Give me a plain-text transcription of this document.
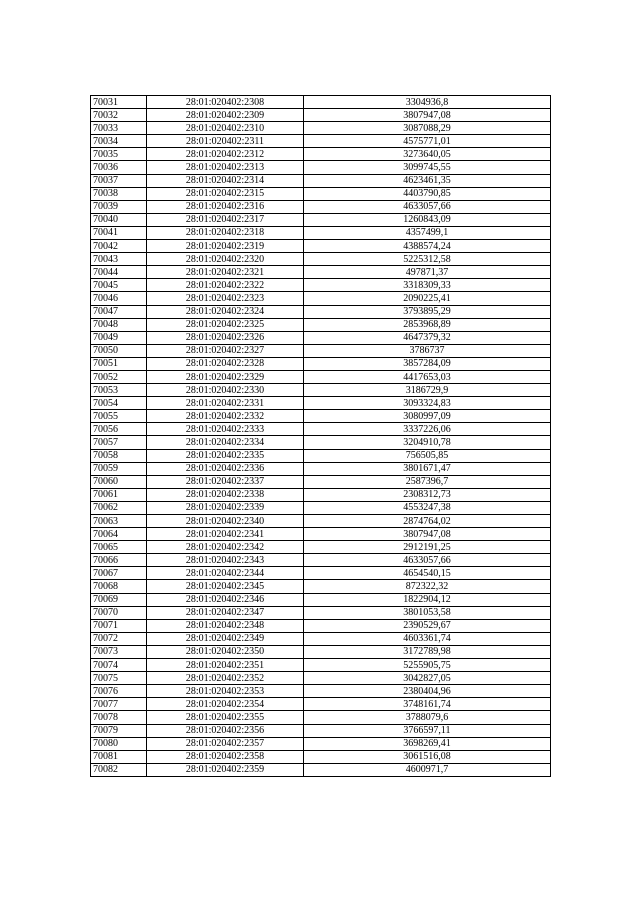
70031	28:01:020402:2308	3304936,8
70032	28:01:020402:2309	3807947,08
70033	28:01:020402:2310	3087088,29
70034	28:01:020402:2311	4575771,01
70035	28:01:020402:2312	3273640,05
70036	28:01:020402:2313	3099745,55
70037	28:01:020402:2314	4623461,35
70038	28:01:020402:2315	4403790,85
70039	28:01:020402:2316	4633057,66
70040	28:01:020402:2317	1260843,09
70041	28:01:020402:2318	4357499,1
70042	28:01:020402:2319	4388574,24
70043	28:01:020402:2320	5225312,58
70044	28:01:020402:2321	497871,37
70045	28:01:020402:2322	3318309,33
70046	28:01:020402:2323	2090225,41
70047	28:01:020402:2324	3793895,29
70048	28:01:020402:2325	2853968,89
70049	28:01:020402:2326	4647379,32
70050	28:01:020402:2327	3786737
70051	28:01:020402:2328	3857284,09
70052	28:01:020402:2329	4417653,03
70053	28:01:020402:2330	3186729,9
70054	28:01:020402:2331	3093324,83
70055	28:01:020402:2332	3080997,09
70056	28:01:020402:2333	3337226,06
70057	28:01:020402:2334	3204910,78
70058	28:01:020402:2335	756505,85
70059	28:01:020402:2336	3801671,47
70060	28:01:020402:2337	2587396,7
70061	28:01:020402:2338	2308312,73
70062	28:01:020402:2339	4553247,38
70063	28:01:020402:2340	2874764,02
70064	28:01:020402:2341	3807947,08
70065	28:01:020402:2342	2912191,25
70066	28:01:020402:2343	4633057,66
70067	28:01:020402:2344	4654540,15
70068	28:01:020402:2345	872322,32
70069	28:01:020402:2346	1822904,12
70070	28:01:020402:2347	3801053,58
70071	28:01:020402:2348	2390529,67
70072	28:01:020402:2349	4603361,74
70073	28:01:020402:2350	3172789,98
70074	28:01:020402:2351	5255905,75
70075	28:01:020402:2352	3042827,05
70076	28:01:020402:2353	2380404,96
70077	28:01:020402:2354	3748161,74
70078	28:01:020402:2355	3788079,6
70079	28:01:020402:2356	3766597,11
70080	28:01:020402:2357	3698269,41
70081	28:01:020402:2358	3061516,08
70082	28:01:020402:2359	4600971,7
